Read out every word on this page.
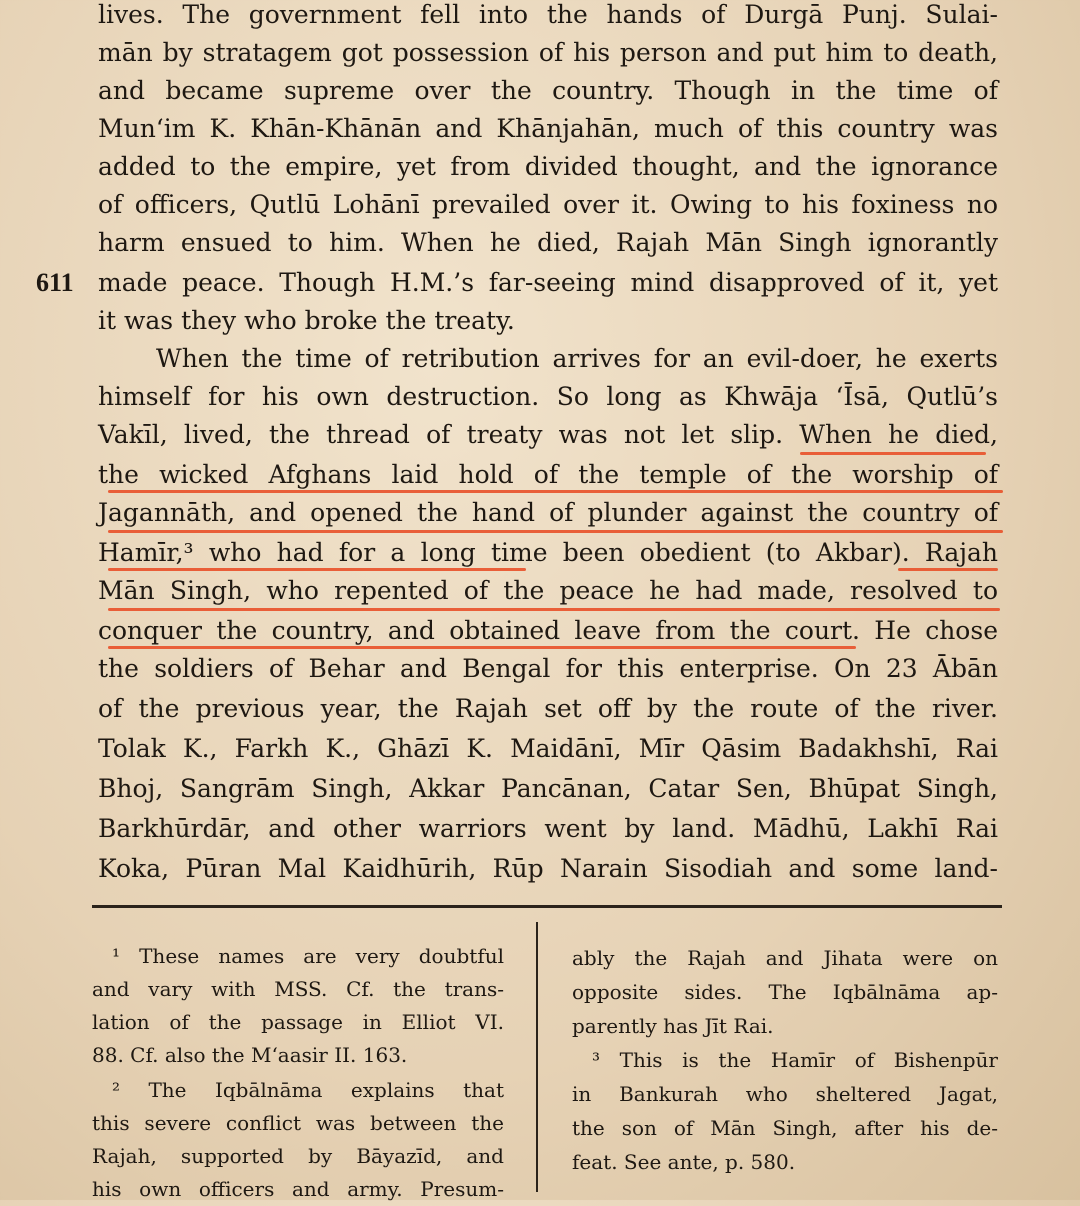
611
lives. The government fell into the hands of Durgā Punj. Sulai-
mān by stratagem got possession of his person and put him to death,
and became supreme over the country. Though in the time of
Mun‘im K. Khān-Khānān and Khānjahān, much of this country was
added to the empire, yet from divided thought, and the ignorance
of officers, Qutlū Lohānī prevailed over it. Owing to his foxiness no
harm ensued to him. When he died, Rajah Mān Singh ignorantly
made peace. Though H.M.’s far-seeing mind disapproved of it, yet
it was they who broke the treaty.
When the time of retribution arrives for an evil-doer, he exerts
himself for his own destruction. So long as Khwāja ‘Īsā, Qutlū’s
Vakīl, lived, the thread of treaty was not let slip. When he died,
the wicked Afghans laid hold of the temple of the worship of
Jagannāth, and opened the hand of plunder against the country of
Hamīr,³ who had for a long time been obedient (to Akbar). Rajah
Mān Singh, who repented of the peace he had made, resolved to
conquer the country, and obtained leave from the court. He chose
the soldiers of Behar and Bengal for this enterprise. On 23 Ābān
of the previous year, the Rajah set off by the route of the river.
Tolak K., Farkh K., Ghāzī K. Maidānī, Mīr Qāsim Badakhshī, Rai
Bhoj, Sangrām Singh, Akkar Pancānan, Catar Sen, Bhūpat Singh,
Barkhūrdār, and other warriors went by land. Mādhū, Lakhī Rai
Koka, Pūran Mal Kaidhūrih, Rūp Narain Sisodiah and some land-
¹ These names are very doubtful
and vary with MSS. Cf. the trans-
lation of the passage in Elliot VI.
88. Cf. also the M‘aasir II. 163.
² The Iqbālnāma explains that
this severe conflict was between the
Rajah, supported by Bāyazīd, and
his own officers and army. Presum-
ably the Rajah and Jihata were on
opposite sides. The Iqbālnāma ap-
parently has Jīt Rai.
³ This is the Hamīr of Bishenpūr
in Bankurah who sheltered Jagat,
the son of Mān Singh, after his de-
feat. See ante, p. 580.
